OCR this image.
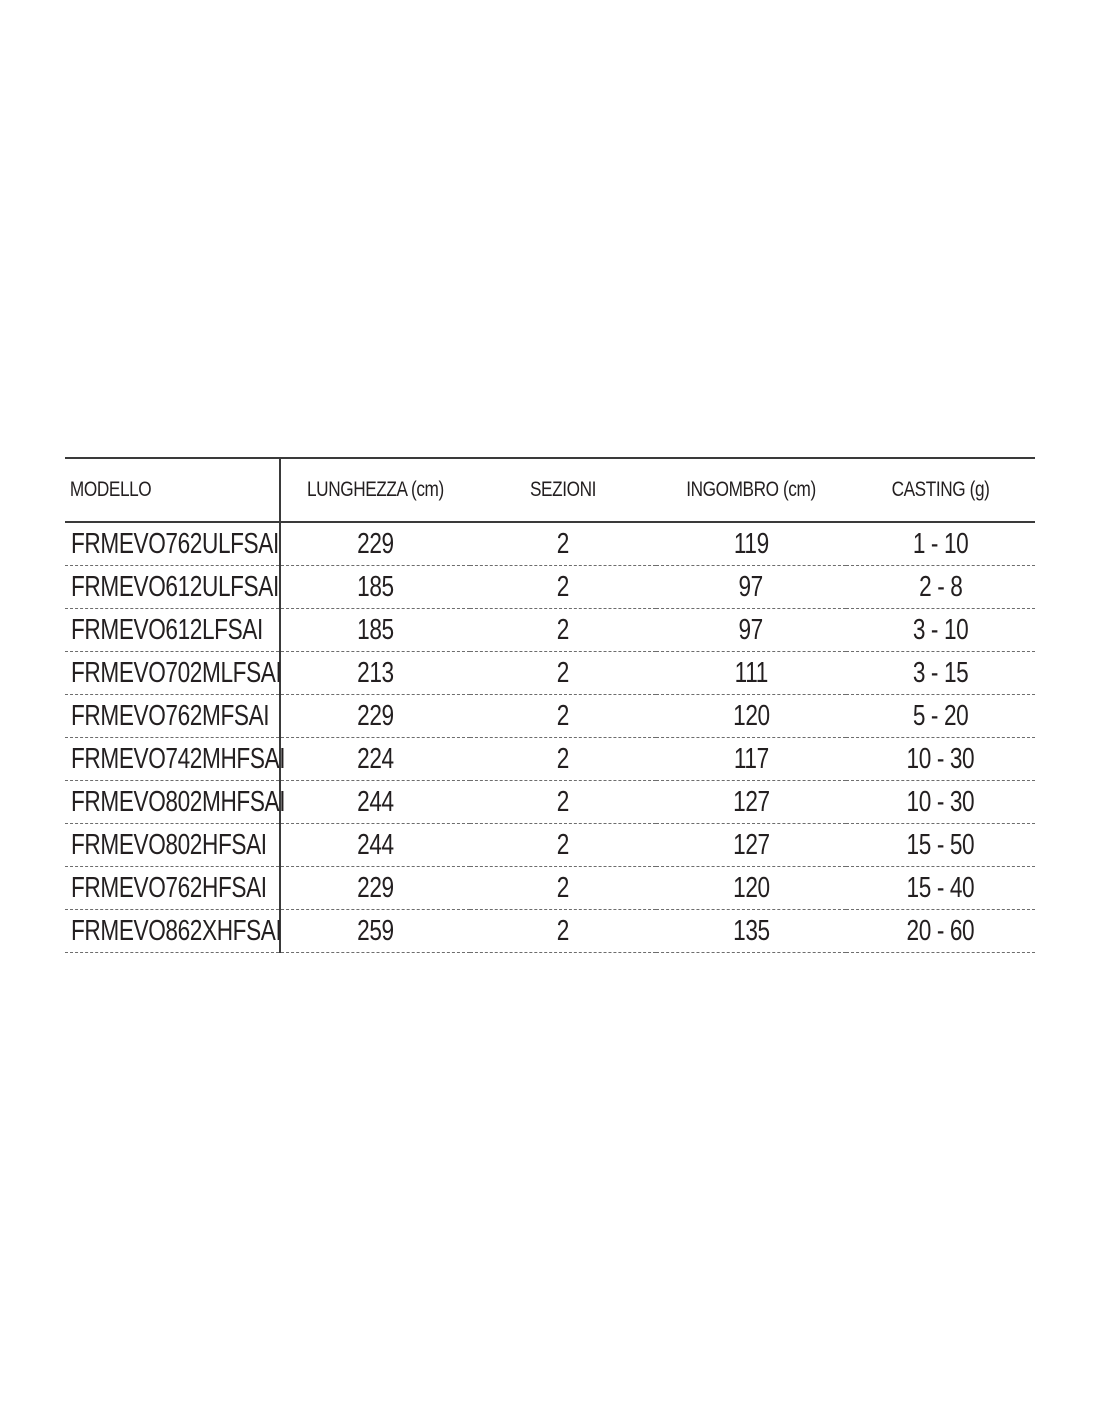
MODELLO	LUNGHEZZA (cm)	SEZIONI	INGOMBRO (cm)	CASTING (g)
FRMEVO762ULFSAI	229	2	119	1 - 10
FRMEVO612ULFSAI	185	2	97	2 - 8
FRMEVO612LFSAI	185	2	97	3 - 10
FRMEVO702MLFSAI	213	2	111	3 - 15
FRMEVO762MFSAI	229	2	120	5 - 20
FRMEVO742MHFSAI	224	2	117	10 - 30
FRMEVO802MHFSAI	244	2	127	10 - 30
FRMEVO802HFSAI	244	2	127	15 - 50
FRMEVO762HFSAI	229	2	120	15 - 40
FRMEVO862XHFSAI	259	2	135	20 - 60
